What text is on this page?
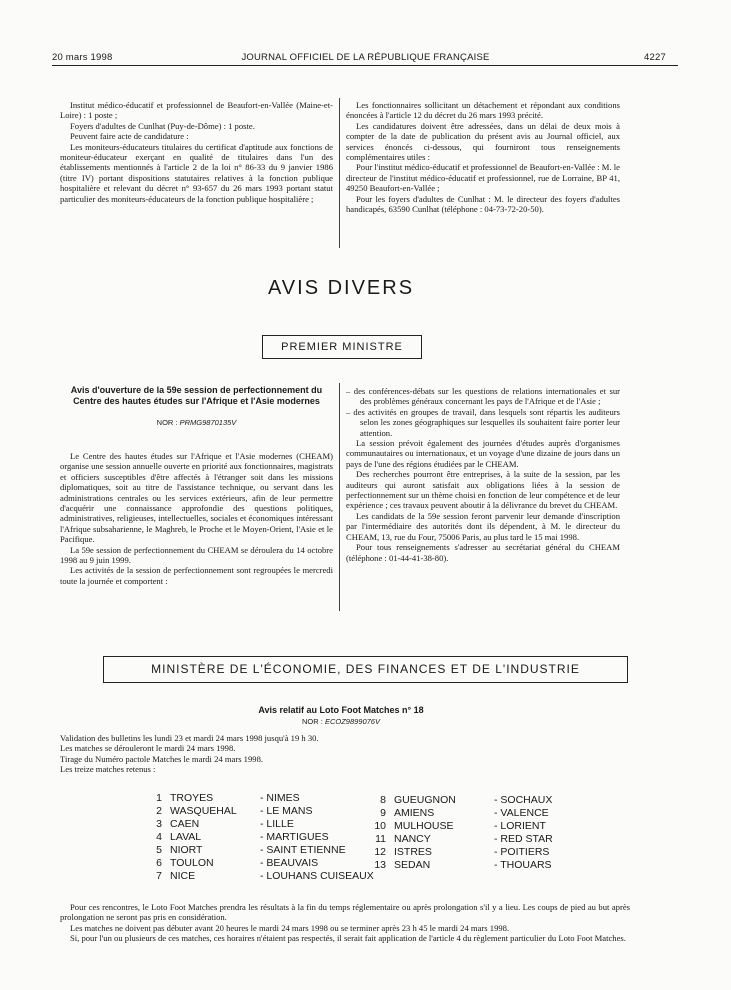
20 mars 1998	JOURNAL OFFICIEL DE LA RÉPUBLIQUE FRANÇAISE	4227

Institut médico-éducatif et professionnel de Beaufort-en-Vallée (Maine-et-Loire) : 1 poste ;

Foyers d'adultes de Cunlhat (Puy-de-Dôme) : 1 poste.

Peuvent faire acte de candidature :

Les moniteurs-éducateurs titulaires du certificat d'aptitude aux fonctions de moniteur-éducateur exerçant en qualité de titulaires dans l'un des établissements mentionnés à l'article 2 de la loi n° 86-33 du 9 janvier 1986 (titre IV) portant dispositions statutaires relatives à la fonction publique hospitalière et relevant du décret n° 93-657 du 26 mars 1993 portant statut particulier des moniteurs-éducateurs de la fonction publique hospitalière ;

Les fonctionnaires sollicitant un détachement et répondant aux conditions énoncées à l'article 12 du décret du 26 mars 1993 précité.

Les candidatures doivent être adressées, dans un délai de deux mois à compter de la date de publication du présent avis au Journal officiel, aux services énoncés ci-dessous, qui fourniront tous renseignements complémentaires utiles :

Pour l'institut médico-éducatif et professionnel de Beaufort-en-Vallée : M. le directeur de l'institut médico-éducatif et professionnel, rue de Lorraine, BP 41, 49250 Beaufort-en-Vallée ;

Pour les foyers d'adultes de Cunlhat : M. le directeur des foyers d'adultes handicapés, 63590 Cunlhat (téléphone : 04-73-72-20-50).

AVIS DIVERS
PREMIER MINISTRE
Avis d'ouverture de la 59e session de perfectionnement du Centre des hautes études sur l'Afrique et l'Asie modernes
NOR : PRMG9870135V

Le Centre des hautes études sur l'Afrique et l'Asie modernes (CHEAM) organise une session annuelle ouverte en priorité aux fonctionnaires, magistrats et officiers susceptibles d'être affectés à l'étranger soit dans les missions diplomatiques, soit au titre de l'assistance technique, ou servant dans les administrations centrales ou les services extérieurs, afin de leur permettre d'acquérir une connaissance approfondie des questions politiques, administratives, religieuses, intellectuelles, sociales et économiques intéressant l'Afrique subsaharienne, le Maghreb, le Proche et le Moyen-Orient, l'Asie et le Pacifique.

La 59e session de perfectionnement du CHEAM se déroulera du 14 octobre 1998 au 9 juin 1999.

Les activités de la session de perfectionnement sont regroupées le mercredi toute la journée et comportent :

– des conférences-débats sur les questions de relations internationales et sur des problèmes généraux concernant les pays de l'Afrique et de l'Asie ;

– des activités en groupes de travail, dans lesquels sont répartis les auditeurs selon les zones géographiques sur lesquelles ils souhaitent faire porter leur attention.

La session prévoit également des journées d'études auprès d'organismes communautaires ou internationaux, et un voyage d'une dizaine de jours dans un pays de l'une des régions étudiées par le CHEAM.

Des recherches pourront être entreprises, à la suite de la session, par les auditeurs qui auront satisfait aux obligations liées à la session de perfectionnement sur un thème choisi en fonction de leur compétence et de leur expérience ; ces travaux peuvent aboutir à la délivrance du brevet du CHEAM.

Les candidats de la 59e session feront parvenir leur demande d'inscription par l'intermédiaire des autorités dont ils dépendent, à M. le directeur du CHEAM, 13, rue du Four, 75006 Paris, au plus tard le 15 mai 1998.

Pour tous renseignements s'adresser au secrétariat général du CHEAM (téléphone : 01-44-41-38-80).

MINISTÈRE DE L'ÉCONOMIE, DES FINANCES ET DE L'INDUSTRIE
Avis relatif au Loto Foot Matches n° 18
NOR : ECOZ9899076V

Validation des bulletins les lundi 23 et mardi 24 mars 1998 jusqu'à 19 h 30.

Les matches se dérouleront le mardi 24 mars 1998.

Tirage du Numéro pactole Matches le mardi 24 mars 1998.

Les treize matches retenus :

1	TROYES	- NIMES
2	WASQUEHAL	- LE MANS
3	CAEN	- LILLE
4	LAVAL	- MARTIGUES
5	NIORT	- SAINT ETIENNE
6	TOULON	- BEAUVAIS
7	NICE	- LOUHANS CUISEAUX
8	GUEUGNON	- SOCHAUX
9	AMIENS	- VALENCE
10	MULHOUSE	- LORIENT
11	NANCY	- RED STAR
12	ISTRES	- POITIERS
13	SEDAN	- THOUARS

Pour ces rencontres, le Loto Foot Matches prendra les résultats à la fin du temps réglementaire ou après prolongation s'il y a lieu. Les coups de pied au but après prolongation ne seront pas pris en considération.

Les matches ne doivent pas débuter avant 20 heures le mardi 24 mars 1998 ou se terminer après 23 h 45 le mardi 24 mars 1998.

Si, pour l'un ou plusieurs de ces matches, ces horaires n'étaient pas respectés, il serait fait application de l'article 4 du règlement particulier du Loto Foot Matches.
